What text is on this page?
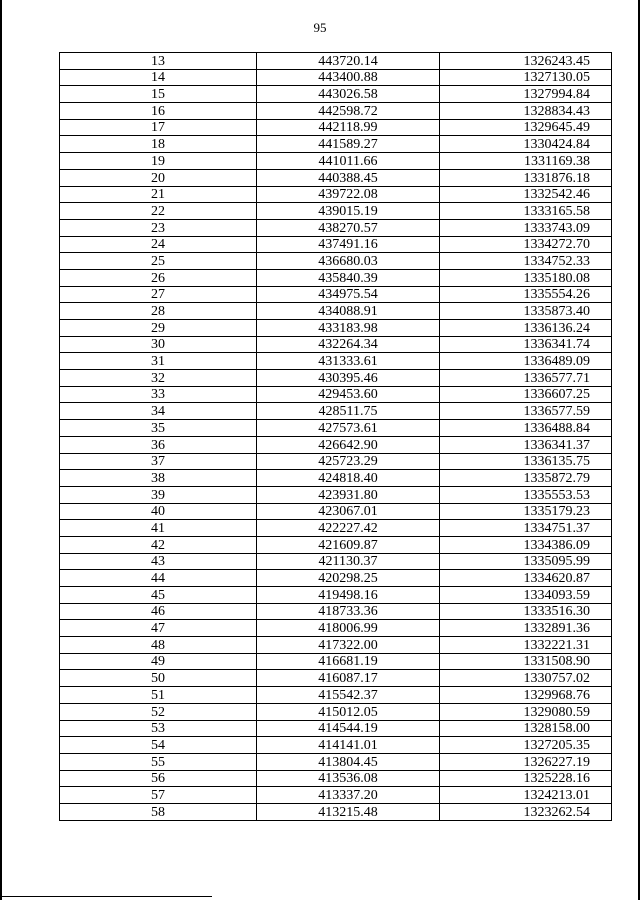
95
13	443720.14	1326243.45
14	443400.88	1327130.05
15	443026.58	1327994.84
16	442598.72	1328834.43
17	442118.99	1329645.49
18	441589.27	1330424.84
19	441011.66	1331169.38
20	440388.45	1331876.18
21	439722.08	1332542.46
22	439015.19	1333165.58
23	438270.57	1333743.09
24	437491.16	1334272.70
25	436680.03	1334752.33
26	435840.39	1335180.08
27	434975.54	1335554.26
28	434088.91	1335873.40
29	433183.98	1336136.24
30	432264.34	1336341.74
31	431333.61	1336489.09
32	430395.46	1336577.71
33	429453.60	1336607.25
34	428511.75	1336577.59
35	427573.61	1336488.84
36	426642.90	1336341.37
37	425723.29	1336135.75
38	424818.40	1335872.79
39	423931.80	1335553.53
40	423067.01	1335179.23
41	422227.42	1334751.37
42	421609.87	1334386.09
43	421130.37	1335095.99
44	420298.25	1334620.87
45	419498.16	1334093.59
46	418733.36	1333516.30
47	418006.99	1332891.36
48	417322.00	1332221.31
49	416681.19	1331508.90
50	416087.17	1330757.02
51	415542.37	1329968.76
52	415012.05	1329080.59
53	414544.19	1328158.00
54	414141.01	1327205.35
55	413804.45	1326227.19
56	413536.08	1325228.16
57	413337.20	1324213.01
58	413215.48	1323262.54
